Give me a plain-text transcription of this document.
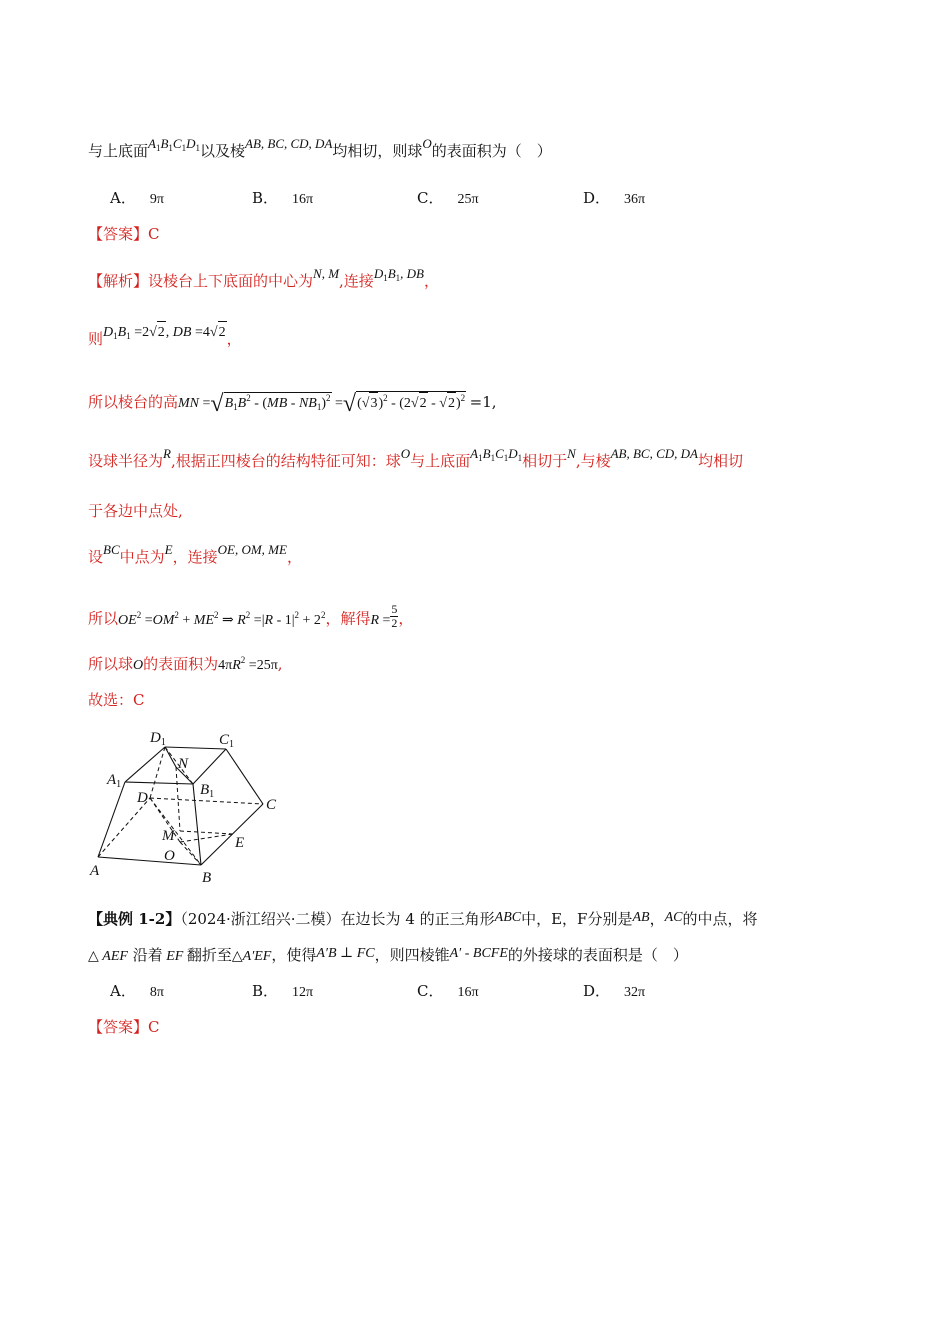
与上底面$A_1B_1C_1D_1$以及棱AB, BC, CD, DA均相切，则球O的表面积为（　）
A． 9π	B． 16π	C． 25π	D． 36π
【答案】C
【解析】设棱台上下底面的中心为N, M,连接$D_1B_1$, DB，
则$D_1B_1 =2√2$, DB =4√2，
所以棱台的高MN $=√B_1B^2 - (MB - NB_1)^2 =√(√3)^2 - (2√2 - √2)^2 =1$,
设球半径为R,根据正四棱台的结构特征可知：球O与上底面$A_1B_1C_1D_1$相切于N,与棱AB, BC, CD, DA均相切
于各边中点处,
设BC中点为E，连接OE, OM, ME，
所以$OE^2 =OM^2 + ME^2$ ⇒ $R^2 =|R - 1|^2 + 2^2$，解得$R = \frac{5}{2}$ ，
所以球O的表面积为$4\pi R^2 =25\pi$,
故选：C
$D_1$	$C_1$
N
$A_1$	$B_1$
D	C
M	E
O
A	B
【典例 1-2】（2024·浙江绍兴·二模）在边长为 4 的正三角形ABC中，E，F分别是AB，AC的中点，将
△ AEF 沿着 EF 翻折至△A′EF，使得A′B ⊥ FC，则四棱锥A′ - BCFE的外接球的表面积是（　）
A． 8π	B． 12π	C． 16π	D． 32π
【答案】C
